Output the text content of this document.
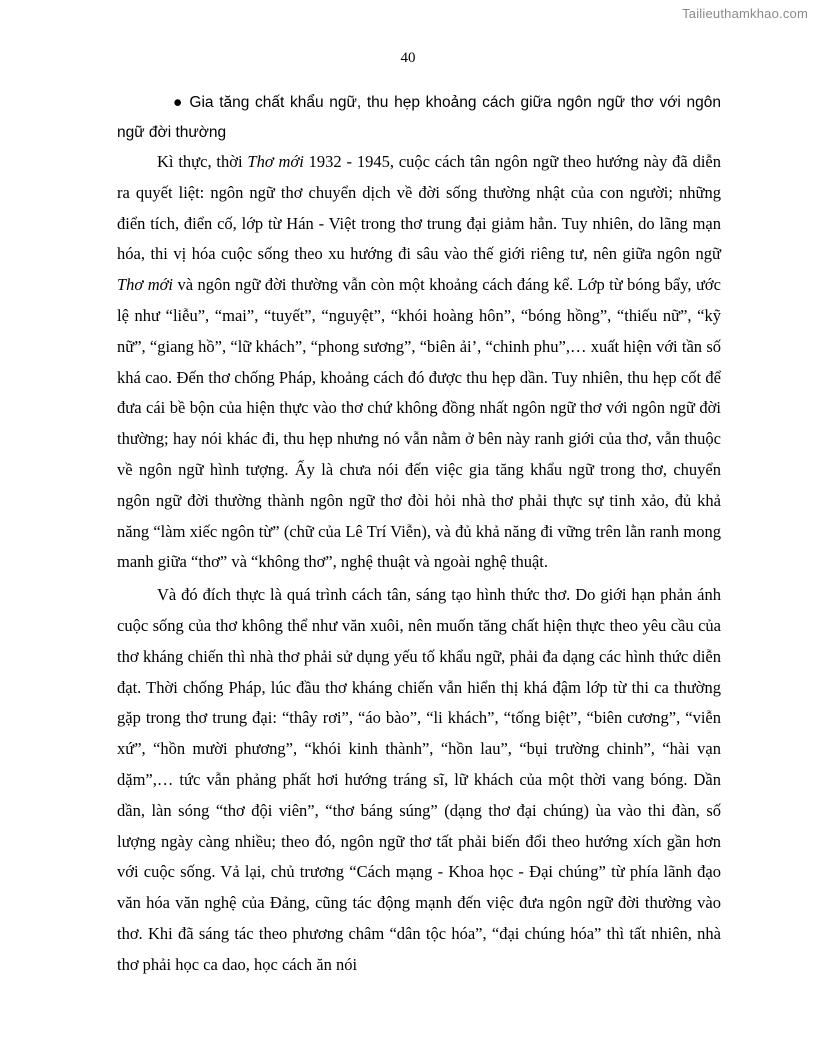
Tailieuthamkhao.com
40
● Gia tăng chất khẩu ngữ, thu hẹp khoảng cách giữa ngôn ngữ thơ với ngôn ngữ đời thường

Kì thực, thời Thơ mới 1932 - 1945, cuộc cách tân ngôn ngữ theo hướng này đã diễn ra quyết liệt: ngôn ngữ thơ chuyển dịch về đời sống thường nhật của con người; những điển tích, điển cố, lớp từ Hán - Việt trong thơ trung đại giảm hẳn. Tuy nhiên, do lãng mạn hóa, thi vị hóa cuộc sống theo xu hướng đi sâu vào thế giới riêng tư, nên giữa ngôn ngữ Thơ mới và ngôn ngữ đời thường vẫn còn một khoảng cách đáng kể. Lớp từ bóng bẩy, ước lệ như “liễu”, “mai”, “tuyết”, “nguyệt”, “khói hoàng hôn”, “bóng hồng”, “thiếu nữ”, “kỹ nữ”, “giang hồ”, “lữ khách”, “phong sương”, “biên ải’, “chinh phu”,… xuất hiện với tần số khá cao. Đến thơ chống Pháp, khoảng cách đó được thu hẹp dần. Tuy nhiên, thu hẹp cốt để đưa cái bề bộn của hiện thực vào thơ chứ không đồng nhất ngôn ngữ thơ với ngôn ngữ đời thường; hay nói khác đi, thu hẹp nhưng nó vẫn nằm ở bên này ranh giới của thơ, vẫn thuộc về ngôn ngữ hình tượng. Ấy là chưa nói đến việc gia tăng khẩu ngữ trong thơ, chuyển ngôn ngữ đời thường thành ngôn ngữ thơ đòi hỏi nhà thơ phải thực sự tinh xảo, đủ khả năng “làm xiếc ngôn từ” (chữ của Lê Trí Viễn), và đủ khả năng đi vững trên lằn ranh mong manh giữa “thơ” và “không thơ”, nghệ thuật và ngoài nghệ thuật.

Và đó đích thực là quá trình cách tân, sáng tạo hình thức thơ. Do giới hạn phản ánh cuộc sống của thơ không thể như văn xuôi, nên muốn tăng chất hiện thực theo yêu cầu của thơ kháng chiến thì nhà thơ phải sử dụng yếu tố khẩu ngữ, phải đa dạng các hình thức diễn đạt. Thời chống Pháp, lúc đầu thơ kháng chiến vẫn hiển thị khá đậm lớp từ thi ca thường gặp trong thơ trung đại: “thây rơi”, “áo bào”, “li khách”, “tống biệt”, “biên cương”, “viễn xứ”, “hồn mười phương”, “khói kinh thành”, “hồn lau”, “bụi trường chinh”, “hài vạn dặm”,… tức vẫn phảng phất hơi hướng tráng sĩ, lữ khách của một thời vang bóng. Dần dần, làn sóng “thơ đội viên”, “thơ báng súng” (dạng thơ đại chúng) ùa vào thi đàn, số lượng ngày càng nhiều; theo đó, ngôn ngữ thơ tất phải biến đổi theo hướng xích gần hơn với cuộc sống. Vả lại, chủ trương “Cách mạng - Khoa học - Đại chúng” từ phía lãnh đạo văn hóa văn nghệ của Đảng, cũng tác động mạnh đến việc đưa ngôn ngữ đời thường vào thơ. Khi đã sáng tác theo phương châm “dân tộc hóa”, “đại chúng hóa” thì tất nhiên, nhà thơ phải học ca dao, học cách ăn nói
